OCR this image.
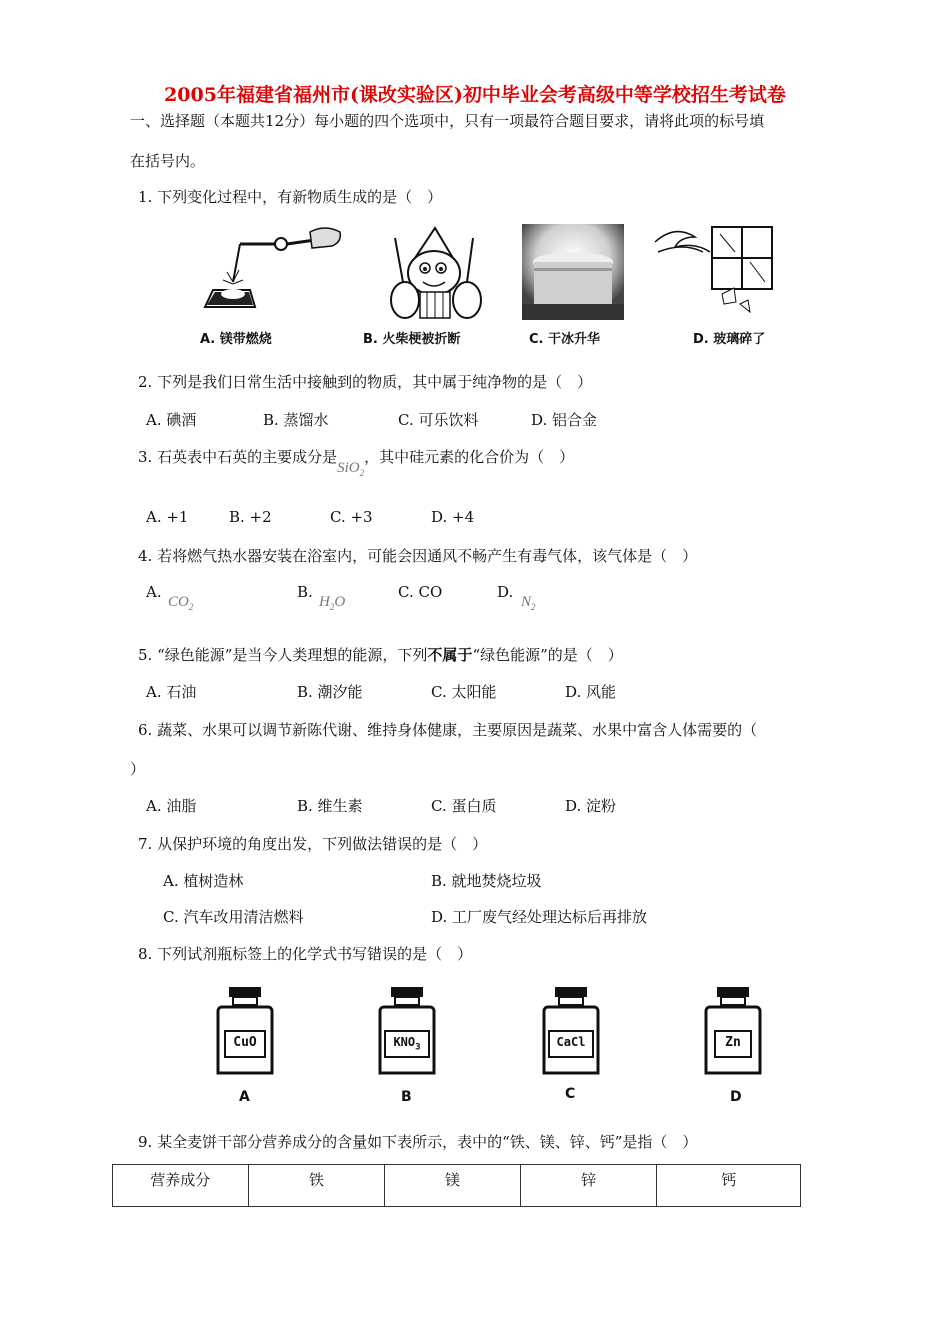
2005年福建省福州市(课改实验区)初中毕业会考高级中等学校招生考试卷
一、选择题（本题共12分）每小题的四个选项中，只有一项最符合题目要求，请将此项的标号填
在括号内。
1. 下列变化过程中，有新物质生成的是（　）
A. 镁带燃烧	B. 火柴梗被折断	C. 干冰升华	D. 玻璃碎了
2. 下列是我们日常生活中接触到的物质，其中属于纯净物的是（　）
A. 碘酒	B. 蒸馏水	C. 可乐饮料	D. 铝合金
3. 石英表中石英的主要成分是SiO$_2$，其中硅元素的化合价为（　）
A. +1	B. +2	C. +3	D. +4
4. 若将燃气热水器安装在浴室内，可能会因通风不畅产生有毒气体，该气体是（　）
A.
$CO_2$
B.
$H_2O$
C. CO	D.
$N_2$
5. “绿色能源”是当今人类理想的能源，下列不属于“绿色能源”的是（　）
A. 石油	B. 潮汐能	C. 太阳能	D. 风能
6. 蔬菜、水果可以调节新陈代谢、维持身体健康，主要原因是蔬菜、水果中富含人体需要的（
）
A. 油脂	B. 维生素	C. 蛋白质	D. 淀粉
7. 从保护环境的角度出发，下列做法错误的是（　）
A. 植树造林	B. 就地焚烧垃圾
C. 汽车改用清洁燃料	D. 工厂废气经处理达标后再排放
8. 下列试剂瓶标签上的化学式书写错误的是（　）
CuO
A
$KNO_3$
B
CaCl
C
Zn
D
9. 某全麦饼干部分营养成分的含量如下表所示，表中的“铁、镁、锌、钙”是指（　）
营养成分	铁	镁	锌	钙
